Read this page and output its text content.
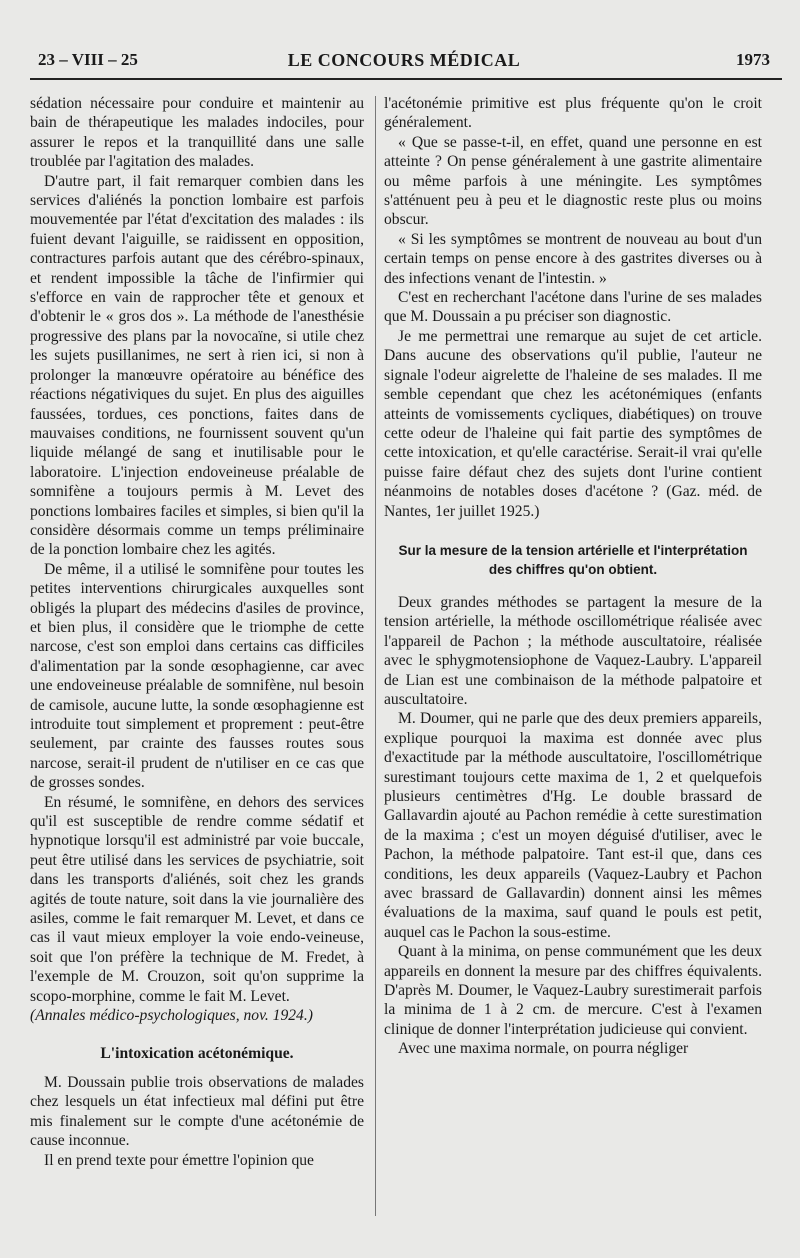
23 – VIII – 25	LE CONCOURS MÉDICAL	1973

sédation nécessaire pour conduire et maintenir au bain de thérapeutique les malades indociles, pour assurer le repos et la tranquillité dans une salle troublée par l'agitation des malades.

D'autre part, il fait remarquer combien dans les services d'aliénés la ponction lombaire est parfois mouvementée par l'état d'excitation des malades : ils fuient devant l'aiguille, se raidissent en opposition, contractures parfois autant que des cérébro-spinaux, et rendent impossible la tâche de l'infirmier qui s'efforce en vain de rapprocher tête et genoux et d'obtenir le « gros dos ». La méthode de l'anesthésie progressive des plans par la novocaïne, si utile chez les sujets pusillanimes, ne sert à rien ici, si non à prolonger la manœuvre opératoire au bénéfice des réactions négativiques du sujet. En plus des aiguilles faussées, tordues, ces ponctions, faites dans de mauvaises conditions, ne fournissent souvent qu'un liquide mélangé de sang et inutilisable pour le laboratoire. L'injection endoveineuse préalable de somnifène a toujours permis à M. Levet des ponctions lombaires faciles et simples, si bien qu'il la considère désormais comme un temps préliminaire de la ponction lombaire chez les agités.

De même, il a utilisé le somnifène pour toutes les petites interventions chirurgicales auxquelles sont obligés la plupart des médecins d'asiles de province, et bien plus, il considère que le triomphe de cette narcose, c'est son emploi dans certains cas difficiles d'alimentation par la sonde œsophagienne, car avec une endoveineuse préalable de somnifène, nul besoin de camisole, aucune lutte, la sonde œsophagienne est introduite tout simplement et proprement : peut-être seulement, par crainte des fausses routes sous narcose, serait-il prudent de n'utiliser en ce cas que de grosses sondes.

En résumé, le somnifène, en dehors des services qu'il est susceptible de rendre comme sédatif et hypnotique lorsqu'il est administré par voie buccale, peut être utilisé dans les services de psychiatrie, soit dans les transports d'aliénés, soit chez les grands agités de toute nature, soit dans la vie journalière des asiles, comme le fait remarquer M. Levet, et dans ce cas il vaut mieux employer la voie endo-veineuse, soit que l'on préfère la technique de M. Fredet, à l'exemple de M. Crouzon, soit qu'on supprime la scopo-morphine, comme le fait M. Levet.

(Annales médico-psychologiques, nov. 1924.)

L'intoxication acétonémique.

M. Doussain publie trois observations de malades chez lesquels un état infectieux mal défini put être mis finalement sur le compte d'une acétonémie de cause inconnue.

Il en prend texte pour émettre l'opinion que

l'acétonémie primitive est plus fréquente qu'on le croit généralement.

« Que se passe-t-il, en effet, quand une personne en est atteinte ? On pense généralement à une gastrite alimentaire ou même parfois à une méningite. Les symptômes s'atténuent peu à peu et le diagnostic reste plus ou moins obscur.

« Si les symptômes se montrent de nouveau au bout d'un certain temps on pense encore à des gastrites diverses ou à des infections venant de l'intestin. »

C'est en recherchant l'acétone dans l'urine de ses malades que M. Doussain a pu préciser son diagnostic.

Je me permettrai une remarque au sujet de cet article. Dans aucune des observations qu'il publie, l'auteur ne signale l'odeur aigrelette de l'haleine de ses malades. Il me semble cependant que chez les acétonémiques (enfants atteints de vomissements cycliques, diabétiques) on trouve cette odeur de l'haleine qui fait partie des symptômes de cette intoxication, et qu'elle caractérise. Serait-il vrai qu'elle puisse faire défaut chez des sujets dont l'urine contient néanmoins de notables doses d'acétone ? (Gaz. méd. de Nantes, 1er juillet 1925.)

Sur la mesure de la tension artérielle et l'interprétation des chiffres qu'on obtient.

Deux grandes méthodes se partagent la mesure de la tension artérielle, la méthode oscillométrique réalisée avec l'appareil de Pachon ; la méthode auscultatoire, réalisée avec le sphygmotensiophone de Vaquez-Laubry. L'appareil de Lian est une combinaison de la méthode palpatoire et auscultatoire.

M. Doumer, qui ne parle que des deux premiers appareils, explique pourquoi la maxima est donnée avec plus d'exactitude par la méthode auscultatoire, l'oscillométrique surestimant toujours cette maxima de 1, 2 et quelquefois plusieurs centimètres d'Hg. Le double brassard de Gallavardin ajouté au Pachon remédie à cette surestimation de la maxima ; c'est un moyen déguisé d'utiliser, avec le Pachon, la méthode palpatoire. Tant est-il que, dans ces conditions, les deux appareils (Vaquez-Laubry et Pachon avec brassard de Gallavardin) donnent ainsi les mêmes évaluations de la maxima, sauf quand le pouls est petit, auquel cas le Pachon la sous-estime.

Quant à la minima, on pense communément que les deux appareils en donnent la mesure par des chiffres équivalents. D'après M. Doumer, le Vaquez-Laubry surestimerait parfois la minima de 1 à 2 cm. de mercure. C'est à l'examen clinique de donner l'interprétation judicieuse qui convient.

Avec une maxima normale, on pourra négliger
